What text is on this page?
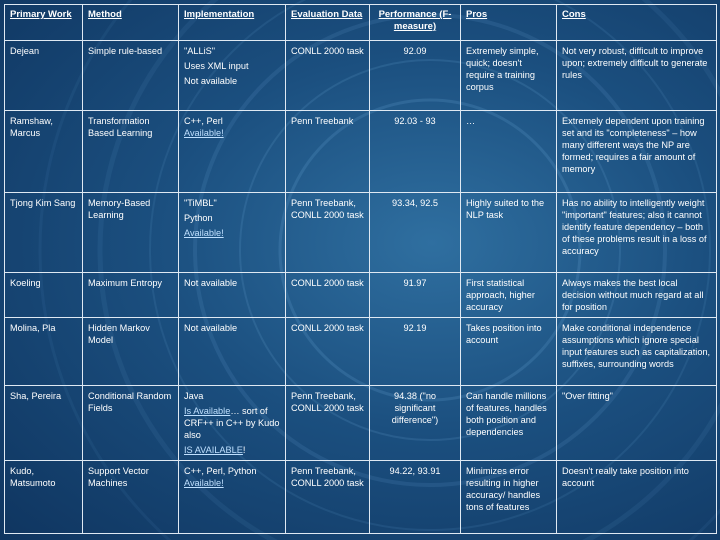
Primary Work	Method	Implementation	Evaluation Data	Performance (F-measure)	Pros	Cons
Dejean	Simple rule-based	"ALLiS"
Uses XML input
Not available	CONLL 2000 task	92.09	Extremely simple, quick; doesn't require a training corpus	Not very robust, difficult to improve upon; extremely difficult to generate rules
Ramshaw, Marcus	Transformation Based Learning	C++, Perl
Available!	Penn Treebank	92.03 - 93	…	Extremely dependent upon training set and its "completeness" – how many different ways the NP are formed; requires a fair amount of memory
Tjong Kim Sang	Memory-Based Learning	"TiMBL"
Python
Available!	Penn Treebank, CONLL 2000 task	93.34, 92.5	Highly suited to the NLP task	Has no ability to intelligently weight "important" features; also it cannot identify feature dependency – both of these problems result in a loss of accuracy
Koeling	Maximum Entropy	Not available	CONLL 2000 task	91.97	First statistical approach, higher accuracy	Always makes the best local decision without much regard at all for position
Molina, Pla	Hidden Markov Model	Not available	CONLL 2000 task	92.19	Takes position into account	Make conditional independence assumptions which ignore special input features such as capitalization, suffixes, surrounding words
Sha, Pereira	Conditional Random Fields	Java
Is Available… sort of CRF++ in C++ by Kudo also
IS AVAILABLE!	Penn Treebank, CONLL 2000 task	94.38 ("no significant difference")	Can handle millions of features, handles both position and dependencies	"Over fitting"
Kudo, Matsumoto	Support Vector Machines	C++, Perl, Python
Available!	Penn Treebank, CONLL 2000 task	94.22, 93.91	Minimizes error resulting in higher accuracy/ handles tons of features	Doesn't really take position into account
